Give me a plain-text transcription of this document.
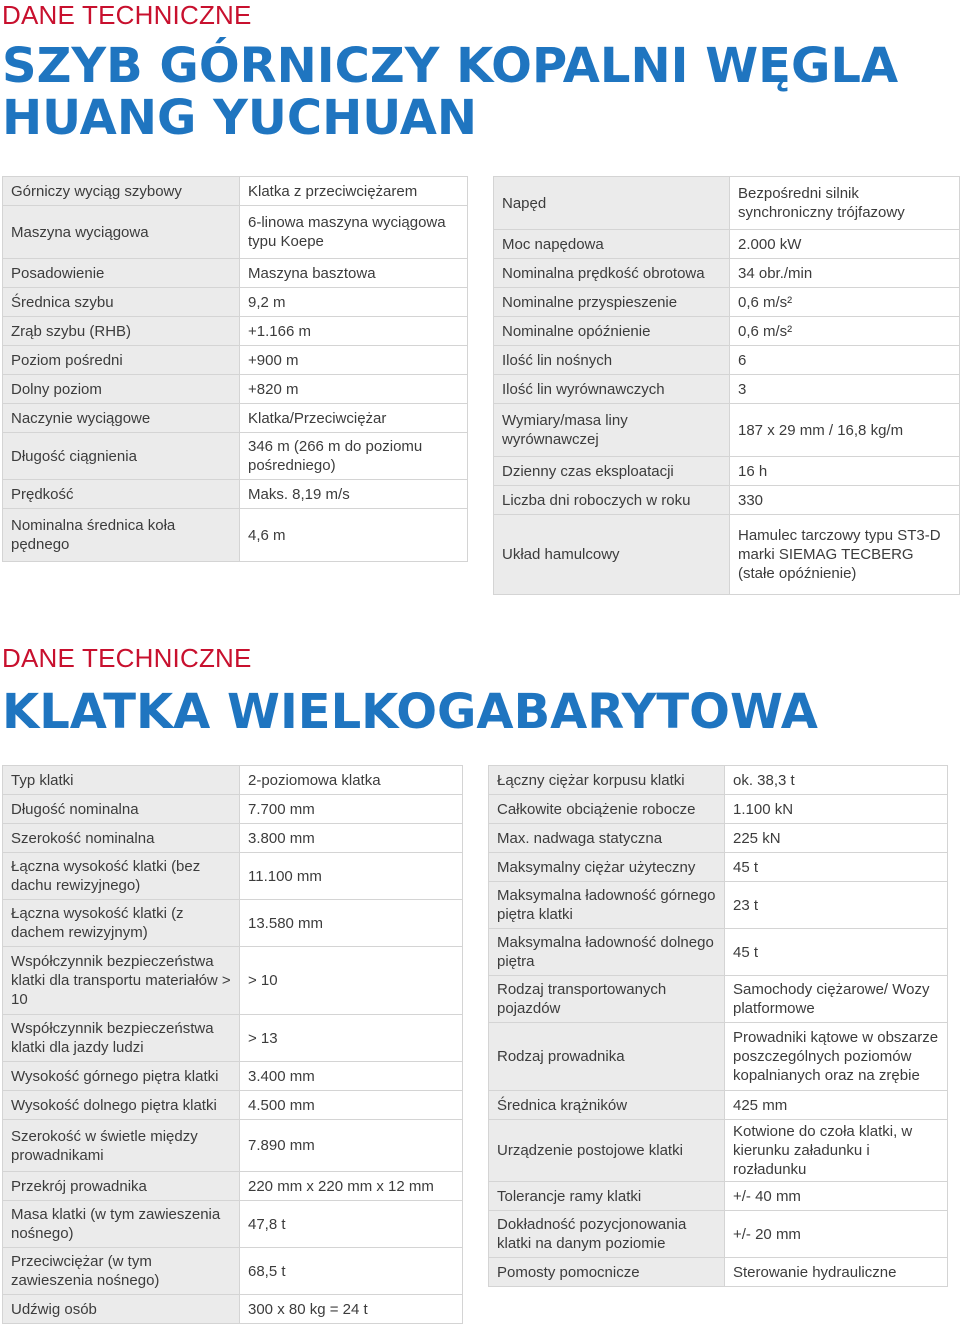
DANE TECHNICZNE
SZYB GÓRNICZY KOPALNI WĘGLA
HUANG YUCHUAN
Górniczy wyciąg szybowy	Klatka z przeciwciężarem
Maszyna wyciągowa	6-linowa maszyna wyciągowa typu Koepe
Posadowienie	Maszyna basztowa
Średnica szybu	9,2 m
Zrąb szybu (RHB)	+1.166 m
Poziom pośredni	+900 m
Dolny poziom	+820 m
Naczynie wyciągowe	Klatka/Przeciwciężar
Długość ciągnienia	346 m (266 m do poziomu pośredniego)
Prędkość	Maks. 8,19 m/s
Nominalna średnica koła pędnego	4,6 m
Napęd	Bezpośredni silnik synchroniczny trójfazowy
Moc napędowa	2.000 kW
Nominalna prędkość obrotowa	34 obr./min
Nominalne przyspieszenie	0,6 m/s²
Nominalne opóźnienie	0,6 m/s²
Ilość lin nośnych	6
Ilość lin wyrównawczych	3
Wymiary/masa liny wyrównawczej	187 x 29 mm / 16,8 kg/m
Dzienny czas eksploatacji	16 h
Liczba dni roboczych w roku	330
Układ hamulcowy	Hamulec tarczowy typu ST3-D marki SIEMAG TECBERG (stałe opóźnienie)
DANE TECHNICZNE
KLATKA WIELKOGABARYTOWA
Typ klatki	2-poziomowa klatka
Długość nominalna	7.700 mm
Szerokość nominalna	3.800 mm
Łączna wysokość klatki (bez dachu rewizyjnego)	11.100 mm
Łączna wysokość klatki (z dachem rewizyjnym)	13.580 mm
Współczynnik bezpieczeństwa klatki dla transportu materiałów > 10	> 10
Współczynnik bezpieczeństwa klatki dla jazdy ludzi	> 13
Wysokość górnego piętra klatki	3.400 mm
Wysokość dolnego piętra klatki	4.500 mm
Szerokość w świetle między prowadnikami	7.890 mm
Przekrój prowadnika	220 mm x 220 mm x 12 mm
Masa klatki (w tym zawieszenia nośnego)	47,8 t
Przeciwciężar (w tym zawieszenia nośnego)	68,5 t
Udźwig osób	300 x 80 kg = 24 t
Łączny ciężar korpusu klatki	ok. 38,3 t
Całkowite obciążenie robocze	1.100 kN
Max. nadwaga statyczna	225 kN
Maksymalny ciężar użyteczny	45 t
Maksymalna ładowność górnego piętra klatki	23 t
Maksymalna ładowność dolnego piętra	45 t
Rodzaj transportowanych pojazdów	Samochody ciężarowe/ Wozy platformowe
Rodzaj prowadnika	Prowadniki kątowe w obszarze poszczególnych poziomów kopalnianych oraz na zrębie
Średnica krążników	425 mm
Urządzenie postojowe klatki	Kotwione do czoła klatki, w kierunku załadunku i rozładunku
Tolerancje ramy klatki	+/- 40 mm
Dokładność pozycjonowania klatki na danym poziomie	+/- 20 mm
Pomosty pomocnicze	Sterowanie hydrauliczne
